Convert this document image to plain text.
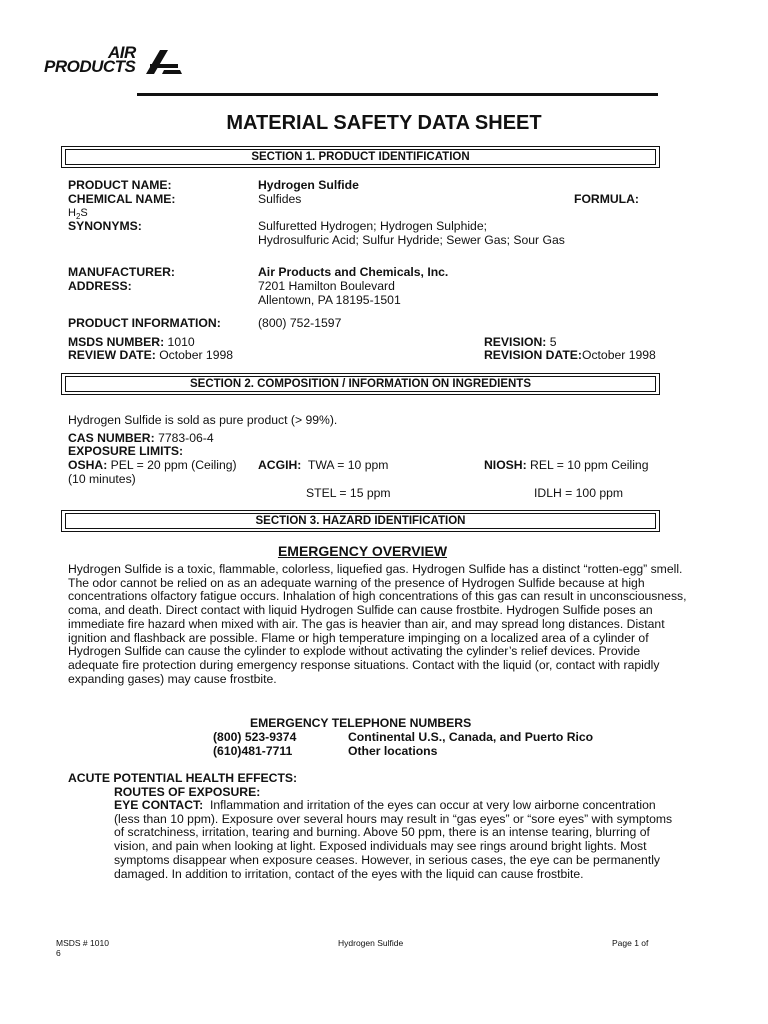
AIR
PRODUCTS
MATERIAL SAFETY DATA SHEET
SECTION 1. PRODUCT IDENTIFICATION
PRODUCT NAME:	Hydrogen Sulfide
CHEMICAL NAME:	Sulfides	FORMULA:
$H_2S$
SYNONYMS:	Sulfuretted Hydrogen; Hydrogen Sulphide;
Hydrosulfuric Acid; Sulfur Hydride; Sewer Gas; Sour Gas
MANUFACTURER:	Air Products and Chemicals, Inc.
ADDRESS:	7201 Hamilton Boulevard
Allentown, PA 18195-1501
PRODUCT INFORMATION:	(800) 752-1597
MSDS NUMBER: 1010
REVIEW DATE: October 1998
REVISION: 5
REVISION DATE:October 1998
SECTION 2. COMPOSITION / INFORMATION ON INGREDIENTS
Hydrogen Sulfide is sold as pure product (> 99%).
CAS NUMBER: 7783-06-4
EXPOSURE LIMITS:
OSHA: PEL = 20 ppm (Ceiling)
(10 minutes)
ACGIH: TWA = 10 ppm
STEL = 15 ppm
NIOSH: REL = 10 ppm Ceiling
IDLH = 100 ppm
SECTION 3. HAZARD IDENTIFICATION
EMERGENCY OVERVIEW
Hydrogen Sulfide is a toxic, flammable, colorless, liquefied gas. Hydrogen Sulfide has a distinct “rotten-egg” smell. The odor cannot be relied on as an adequate warning of the presence of Hydrogen Sulfide because at high concentrations olfactory fatigue occurs. Inhalation of high concentrations of this gas can result in unconsciousness, coma, and death. Direct contact with liquid Hydrogen Sulfide can cause frostbite. Hydrogen Sulfide poses an immediate fire hazard when mixed with air. The gas is heavier than air, and may spread long distances. Distant ignition and flashback are possible. Flame or high temperature impinging on a localized area of a cylinder of Hydrogen Sulfide can cause the cylinder to explode without activating the cylinder’s relief devices. Provide adequate fire protection during emergency response situations. Contact with the liquid (or, contact with rapidly expanding gases) may cause frostbite.
EMERGENCY TELEPHONE NUMBERS
(800) 523-9374	Continental U.S., Canada, and Puerto Rico
(610)481-7711	Other locations
ACUTE POTENTIAL HEALTH EFFECTS:
ROUTES OF EXPOSURE:
EYE CONTACT: Inflammation and irritation of the eyes can occur at very low airborne concentration (less than 10 ppm). Exposure over several hours may result in “gas eyes” or “sore eyes” with symptoms of scratchiness, irritation, tearing and burning. Above 50 ppm, there is an intense tearing, blurring of vision, and pain when looking at light. Exposed individuals may see rings around bright lights. Most symptoms disappear when exposure ceases. However, in serious cases, the eye can be permanently damaged. In addition to irritation, contact of the eyes with the liquid can cause frostbite.
MSDS # 1010
6
Hydrogen Sulfide	Page 1 of
